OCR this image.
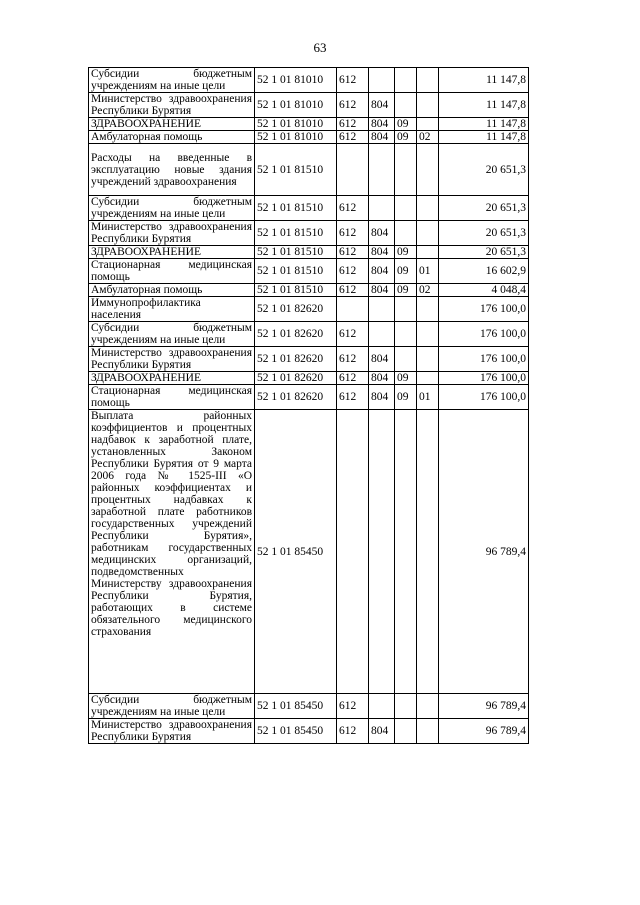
63
Субсидии бюджетным учреждениям на иные цели	52 1 01 81010	612				11 147,8
Министерство здравоохранения Республики Бурятия	52 1 01 81010	612	804			11 147,8
ЗДРАВООХРАНЕНИЕ	52 1 01 81010	612	804	09		11 147,8
Амбулаторная помощь	52 1 01 81010	612	804	09	02	11 147,8
Расходы на введенные в эксплуатацию новые здания учреждений здравоохранения	52 1 01 81510					20 651,3
Субсидии бюджетным учреждениям на иные цели	52 1 01 81510	612				20 651,3
Министерство здравоохранения Республики Бурятия	52 1 01 81510	612	804			20 651,3
ЗДРАВООХРАНЕНИЕ	52 1 01 81510	612	804	09		20 651,3
Стационарная медицинская помощь	52 1 01 81510	612	804	09	01	16 602,9
Амбулаторная помощь	52 1 01 81510	612	804	09	02	4 048,4
Иммунопрофилактика населения	52 1 01 82620					176 100,0
Субсидии бюджетным учреждениям на иные цели	52 1 01 82620	612				176 100,0
Министерство здравоохранения Республики Бурятия	52 1 01 82620	612	804			176 100,0
ЗДРАВООХРАНЕНИЕ	52 1 01 82620	612	804	09		176 100,0
Стационарная медицинская помощь	52 1 01 82620	612	804	09	01	176 100,0
Выплата районных коэффициентов и процентных надбавок к заработной плате, установленных Законом Республики Бурятия от 9 марта 2006 года № 1525-III «О районных коэффициентах и процентных надбавках к заработной плате работников государственных учреждений Республики Бурятия», работникам государственных медицинских организаций, подведомственных Министерству здравоохранения Республики Бурятия, работающих в системе обязательного медицинского страхования	52 1 01 85450					96 789,4
Субсидии бюджетным учреждениям на иные цели	52 1 01 85450	612				96 789,4
Министерство здравоохранения Республики Бурятия	52 1 01 85450	612	804			96 789,4
